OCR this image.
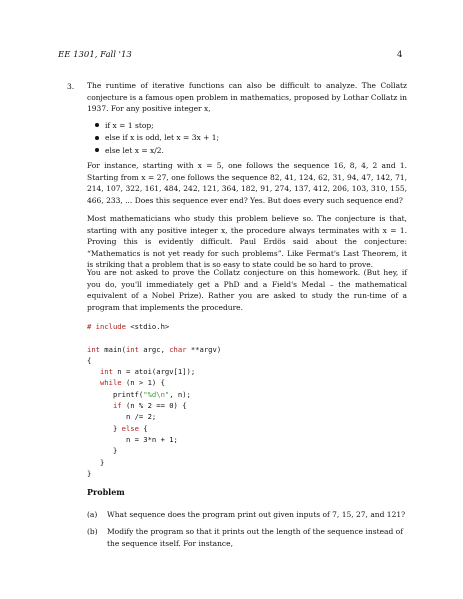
EE 1301, Fall '13	4
3. The runtime of iterative functions can also be difficult to analyze. The Collatz conjecture is a famous open problem in mathematics, proposed by Lothar Collatz in 1937. For any positive integer x,
if x = 1 stop;
else if x is odd, let x = 3x + 1;
else let x = x/2.
For instance, starting with x = 5, one follows the sequence 16, 8, 4, 2 and 1. Starting from x = 27, one follows the sequence 82, 41, 124, 62, 31, 94, 47, 142, 71, 214, 107, 322, 161, 484, 242, 121, 364, 182, 91, 274, 137, 412, 206, 103, 310, 155, 466, 233, ... Does this sequence ever end? Yes. But does every such sequence end?
Most mathematicians who study this problem believe so. The conjecture is that, starting with any positive integer x, the procedure always terminates with x = 1. Proving this is evidently difficult. Paul Erdös said about the conjecture: “Mathematics is not yet ready for such problems”. Like Fermat's Last Theorem, it is striking that a problem that is so easy to state could be so hard to prove.
You are not asked to prove the Collatz conjecture on this homework. (But hey, if you do, you'll immediately get a PhD and a Field's Medal – the mathematical equivalent of a Nobel Prize). Rather you are asked to study the run-time of a program that implements the procedure.
# include <stdio.h>

int main(int argc, char **argv)
{
int n = atoi(argv[1]);
while (n > 1) {
printf("%d\n", n);
if (n % 2 == 0) {
n /= 2;
} else {
n = 3*n + 1;
}
}
}
Problem
(a) What sequence does the program print out given inputs of 7, 15, 27, and 121?
(b) Modify the program so that it prints out the length of the sequence instead of the sequence itself. For instance,
